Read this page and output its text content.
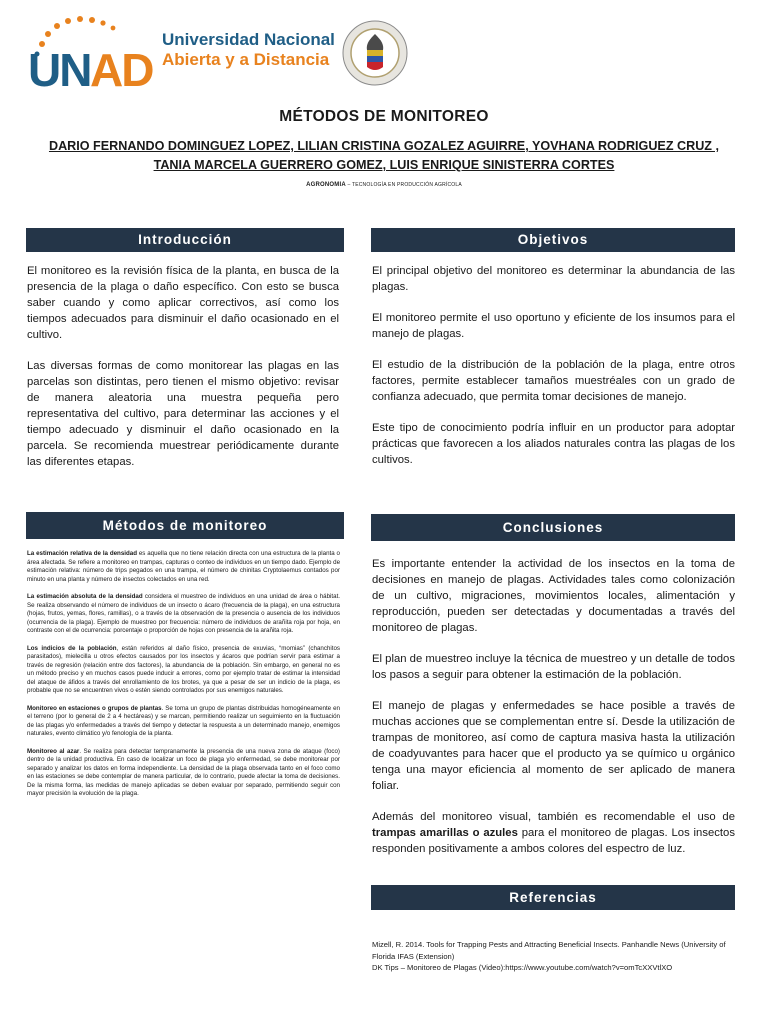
UN AD
Universidad Nacional
Abierta y a Distancia
MÉTODOS DE MONITOREO
DARIO FERNANDO DOMINGUEZ LOPEZ, LILIAN CRISTINA GOZALEZ AGUIRRE, YOVHANA RODRIGUEZ CRUZ , TANIA MARCELA GUERRERO GOMEZ, LUIS ENRIQUE SINISTERRA CORTES
AGRONOMIA – TECNOLOGÍA EN PRODUCCIÓN AGRÍCOLA
Introducción

El monitoreo es la revisión física de la planta, en busca de la presencia de la plaga o daño específico. Con esto se busca saber cuando y como aplicar correctivos, así como los tiempos adecuados para disminuir el daño ocasionado en el cultivo.

Las diversas formas de como monitorear las plagas en las parcelas son distintas, pero tienen el mismo objetivo: revisar de manera aleatoria una muestra pequeña pero representativa del cultivo, para determinar las acciones y el tiempo adecuado y disminuir el daño ocasionado en la parcela. Se recomienda muestrear periódicamente durante las diferentes etapas.

Objetivos

El principal objetivo del monitoreo es determinar la abundancia de las plagas.

El monitoreo permite el uso oportuno y eficiente de los insumos para el manejo de plagas.

El estudio de la distribución de la población de la plaga, entre otros factores, permite establecer tamaños muestréales con un grado de confianza adecuado, que permita tomar decisiones de manejo.

Este tipo de conocimiento podría influir en un productor para adoptar prácticas que favorecen a los aliados naturales contra las plagas de los cultivos.

Métodos de monitoreo

La estimación relativa de la densidad es aquella que no tiene relación directa con una estructura de la planta o área afectada. Se refiere a monitoreo en trampas, capturas o conteo de individuos en un tiempo dado. Ejemplo de estimación relativa: número de trips pegados en una trampa, el número de chinitas Cryptolaemus contados por minuto en una planta y número de insectos colectados en una red.

La estimación absoluta de la densidad considera el muestreo de individuos en una unidad de área o hábitat. Se realiza observando el número de individuos de un insecto o ácaro (frecuencia de la plaga), en una estructura (hojas, frutos, yemas, flores, ramillas), o a través de la observación de la presencia o ausencia de los individuos (ocurrencia de la plaga). Ejemplo de muestreo por frecuencia: número de individuos de arañita roja por hoja, en contraste con el de ocurrencia: porcentaje o proporción de hojas con presencia de la arañita roja.

Los indicios de la población, están referidos al daño físico, presencia de exuvias, “momias” (chanchitos parasitados), mielecilla u otros efectos causados por los insectos y ácaros que podrían servir para estimar a través de regresión (relación entre dos factores), la abundancia de la población. Sin embargo, en general no es un método preciso y en muchos casos puede inducir a errores, como por ejemplo tratar de estimar la intensidad del ataque de áfidos a través del enrollamiento de los brotes, ya que a pesar de ser un indicio de la plaga, es probable que no se encuentren vivos o estén siendo controlados por sus enemigos naturales.

Monitoreo en estaciones o grupos de plantas. Se toma un grupo de plantas distribuidas homogéneamente en el terreno (por lo general de 2 a 4 hectáreas) y se marcan, permitiendo realizar un seguimiento en la fluctuación de las plagas y/o enfermedades a través del tiempo y detectar la respuesta a un determinado manejo, enemigos naturales, evento climático y/o fenología de la planta.

Monitoreo al azar. Se realiza para detectar tempranamente la presencia de una nueva zona de ataque (foco) dentro de la unidad productiva. En caso de localizar un foco de plaga y/o enfermedad, se debe monitorear por separado y analizar los datos en forma independiente. La densidad de la plaga observada tanto en el foco como en las estaciones se debe contemplar de manera particular, de lo contrario, puede afectar la toma de decisiones. De la misma forma, las medidas de manejo aplicadas se deben evaluar por separado, permitiendo seguir con mayor precisión la evolución de la plaga.

Conclusiones

Es importante entender la actividad de los insectos en la toma de decisiones en manejo de plagas. Actividades tales como colonización de un cultivo, migraciones, movimientos locales, alimentación y reproducción, pueden ser detectadas y documentadas a través del monitoreo de plagas.

El plan de muestreo incluye la técnica de muestreo y un detalle de todos los pasos a seguir para obtener la estimación de la población.

El manejo de plagas y enfermedades se hace posible a través de muchas acciones que se complementan entre sí. Desde la utilización de trampas de monitoreo, así como de captura masiva hasta la utilización de coadyuvantes para hacer que el producto ya se químico u orgánico tenga una mayor eficiencia al momento de ser aplicado de manera foliar.

Además del monitoreo visual, también es recomendable el uso de trampas amarillas o azules para el monitoreo de plagas. Los insectos responden positivamente a ambos colores del espectro de luz.

Referencias
Mizell, R. 2014. Tools for Trapping Pests and Attracting Beneficial Insects. Panhandle News (University of Florida IFAS (Extension)
DK Tips – Monitoreo de Plagas (Video):https://www.youtube.com/watch?v=omTcXXVtlXO
